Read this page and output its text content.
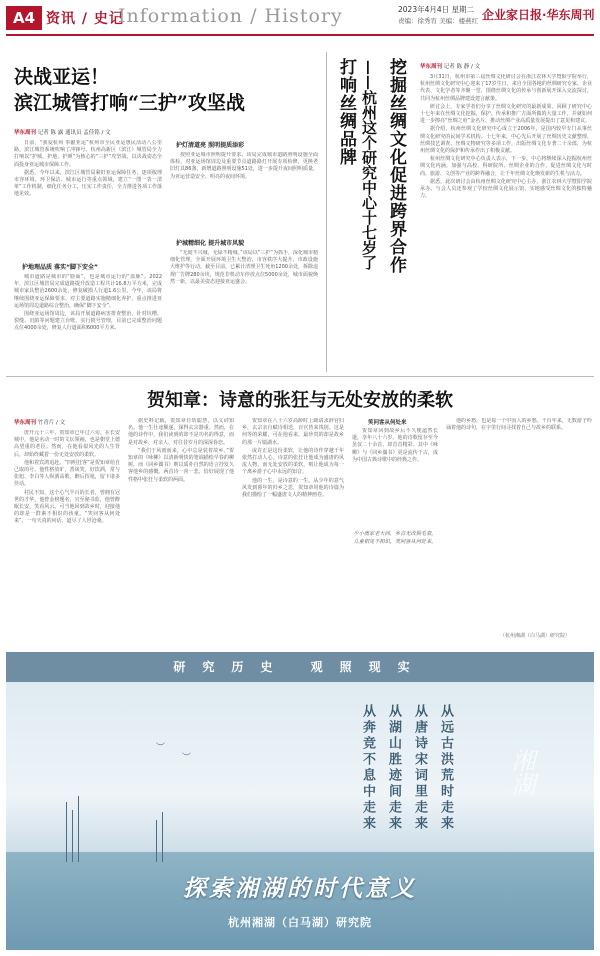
A4 资讯 / 史记
Information / History	2023年4月4日 星期二
责编：徐秀宵 美编：楼燕红 企业家日报·华东周刊
决战亚运！
滨江城管打响“三护”攻坚战
华东周刊 记者 陈 露 通讯员 孟佳铭 / 文

日前，“我爱杭州 奉献亚运”杭州市全民亚运惠民活动八公里路，滨江城管系统吹响了冲锋号。杭州高新区（滨江）城管局全力打响以“护城、护地、护颜”为核心的“三护”攻坚战，以决战姿态全面投身亚运城市保障工作。

据悉，今年以来，滨江区城管局紧盯亚运保障任务，逐项梳理市容环境、环卫保洁、城市运行等重点领域，建立“一图一表一清单”工作机制，细化任务分工，压实工作责任，全力推进各项工作落地见效。

护地理品质 落实“脚下安全”

城市道路是城市的“脸面”，也是城市运行的“血脉”。2022年，滨江区城管局完成道路提升改造工程共计16.8万平方米，完成城市家具整治2600余处，修复破损人行道1.6公里。今年，该局将继续围绕亚运保障要求，对主要道路实施精细化养护，重点推进亚运场馆周边道路综合整治，确保“脚下安全”。

围绕亚运场馆周边，该局开展道路病害排查整治，针对坑槽、裂缝、沉陷等问题建立台账，实行销号管理，目前已完成整治问题点位4000余处，修复人行道面积6000平方米。

护灯清道亮 照明提质添彩

按照亚运城市照明提升要求，该局完成城市道路照明设施全面体检，对亚运场馆周边及重要节点道路路灯开展专项检修，更换老旧灯具86盏，新增道路照明设施51处，进一步提升夜间照明质量，为亚运营造安全、明亮的夜间环境。

护城精细化 提升城市风貌

“无废不兴城，无绿不精城。”该局以“三护”为抓手，深化城市精细化管理，全面开展环境卫生大整治、市容秩序大提升、市政设施大维护等行动。截至目前，已累计清理卫生死角1200余处，拆除违规广告牌280余块，规范非机动车停放点位5000余处，城市面貌焕然一新，以最美姿态迎接亚运盛会。

打响丝绸品牌 ——杭州这个研究中心十七岁了 挖掘丝绸文化促进跨界合作	华东周刊 记者 陈 静 / 文

3月31日，杭州市第三届丝绸文化研讨会在浙江农林大学暨阳学院举行，杭州丝绸文化研究中心迎来了17岁生日。来自全国各地的丝绸研究专家、企业代表、文化学者等齐聚一堂，围绕丝绸文化的传承与创新展开深入交流探讨，共同为杭州丝绸品牌建设建言献策。

研讨会上，专家学者们分享了丝绸文化研究的最新成果，回顾了研究中心十七年来在丝绸文化挖掘、保护、传承和推广方面所做的大量工作，并就如何进一步擦亮“丝绸之府”金名片、推动丝绸产业高质量发展提出了意见和建议。

据介绍，杭州丝绸文化研究中心成立于2006年，是国内较早专门从事丝绸文化研究的民间学术机构。十七年来，中心先后开展了丝绸历史文献整理、丝绸技艺调查、丝绸文物研究等多项工作，出版丝绸文化专著二十余部，为杭州丝绸文化的保护和传承作出了积极贡献。

杭州丝绸文化研究中心负责人表示，下一步，中心将继续深入挖掘杭州丝绸文化内涵，加强与高校、科研院所、丝绸企业的合作，促进丝绸文化与时尚、旅游、文创等产业的跨界融合，让千年丝绸文化焕发新的生机与活力。

据悉，此次研讨会由杭州丝绸文化研究中心主办，浙江农林大学暨阳学院承办。与会人员还参观了学校丝绸文化展示馆，实地感受丝绸文化的独特魅力。

贺知章：诗意的张狂与无处安放的柔软
华东周刊 竹青片 / 文

唐开元十三年，贺知章已年过六旬。在长安城中，他是名动一时的文坛领袖，也是朝堂上德高望重的老臣。然而，在他看似风光的人生背后，却始终藏着一份无处安放的柔软。

他和着宾鸿追赴。“四明狂客”是贺知章给自己取的号。他性格放旷，善谈笑，好饮酒，常与张旭、李白等人纵酒高歌，醉后挥毫，留下诸多佳话。

村民不知，这个心气半百的长者，曾拥有冠世的才华，他曾金榜题名，官至秘书监，他曾醉眠长安，笑看风云。可当他回到故乡时，迎接他的却是一群素不相识的孩童。“笑问客从何处来”，一句天真的问话，道尽了人世沧桑。

据史料记载，贺知章自幼聪慧，以文词知名。他一生仕途顺遂，深得玄宗器重。然而，在他的诗作中，我们读到的却不是功名的得意，而是对故乡、对亲人、对往昔岁月的深深眷恋。

“我们于风雨而来，心中总是装着故乡。”贺知章的《咏柳》以清新明快的笔调描绘早春的柳树，而《回乡偶书》则以质朴自然的语言抒发久客他乡的感慨。两首诗一喜一悲，恰好展现了他性格中张狂与柔软的两面。

贺知章在八十六岁高龄时上疏请求辞官归乡，玄宗亲自赋诗相送，百官皆来饯别。这是何等的荣耀，可在他看来，最珍贵的却是故乡的那一片镜湖水。

或许正是这份柔软，让他的诗作穿越千年依然打动人心。诗意的张狂让他成为盛唐的风流人物，而无处安放的柔软，则让他成为每一个离乡游子心中永远的知音。

他的一生，是诗意的一生。从少年的意气风发到暮年的归乡之思，贺知章用他的诗篇为我们描绘了一幅盛唐文人的精神画卷。

笑问客从何处来

贺知章回到故乡后不久便溘然长逝，享年八十六岁。他的诗歌留存至今虽仅二十余首，却首首精彩。其中《咏柳》与《回乡偶书》更是流传千古，成为中国古典诗歌中的经典之作。

少小离家老大回，乡音无改鬓毛衰。儿童相见不相识，笑问客从何处来。

他的乡愁，也是每一个中国人的乡愁。千百年来，无数游子吟诵着他的诗句，在字里行间寻找着自己与故乡的联系。

（杭州湘湖（白马湖）研究院）
研究历史 观照现实
︶
︶	从远古洪荒时走来
从唐诗宋词里走来
从湖山胜迹间走来
从奔竞不息中走来	湘湖
探索湘湖的时代意义
杭州湘湖（白马湖）研究院
